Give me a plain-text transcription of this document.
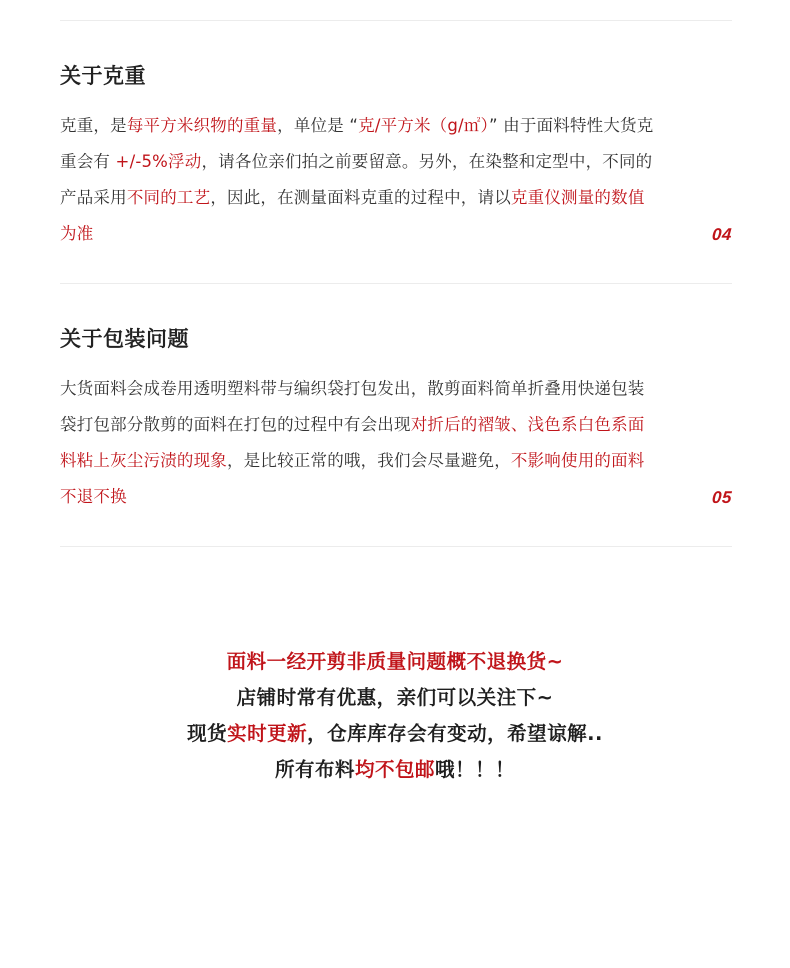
关于克重
克重，是每平方米织物的重量，单位是 “克/平方米（g/㎡）” 由于面料特性大货克重会有 +/-5%浮动，请各位亲们拍之前要留意。另外，在染整和定型中，不同的产品采用不同的工艺，因此，在测量面料克重的过程中，请以克重仪测量的数值为准	04
关于包装问题
大货面料会成卷用透明塑料带与编织袋打包发出，散剪面料简单折叠用快递包装袋打包部分散剪的面料在打包的过程中有会出现对折后的褶皱、浅色系白色系面料粘上灰尘污渍的现象，是比较正常的哦，我们会尽量避免，不影响使用的面料不退不换	05
面料一经开剪非质量问题概不退换货~
店铺时常有优惠，亲们可以关注下~
现货实时更新，仓库库存会有变动，希望谅解..
所有布料均不包邮哦！！！
